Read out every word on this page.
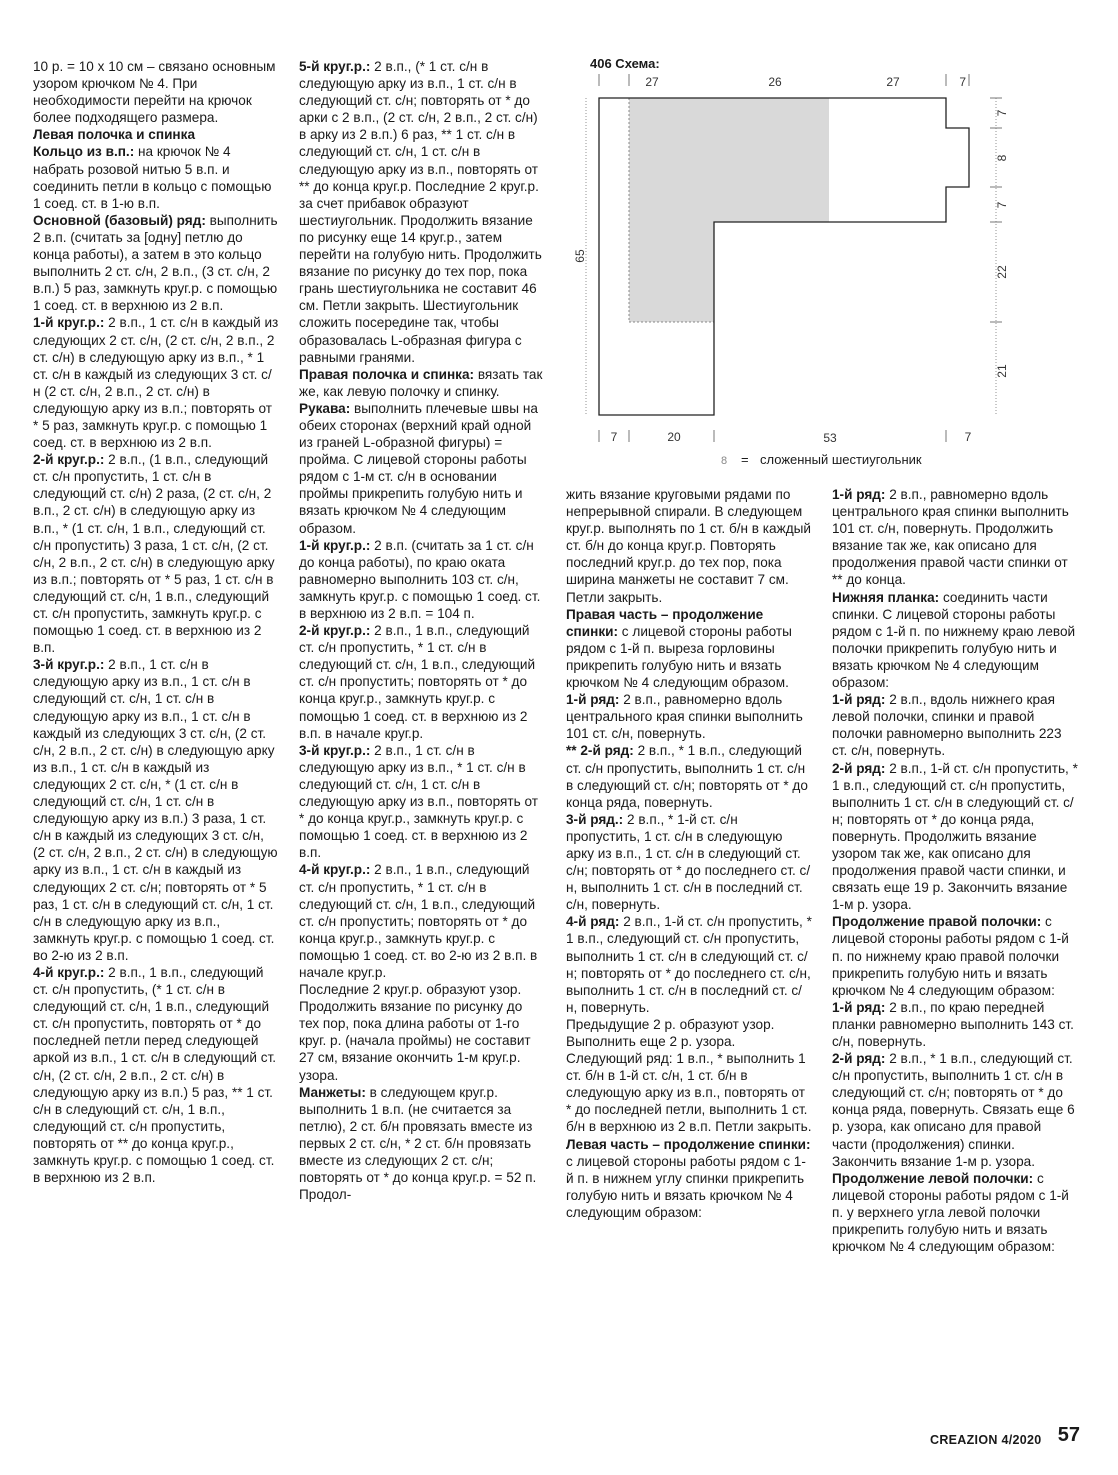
406 Схема:
27	26	27	7
65
7
8
7
22
21
7	20	53	7
8 = сложенный шестиугольник

10 р. = 10 х 10 см – связано основным узором крючком № 4. При необходимости перейти на крючок более подходящего размера.

Левая полочка и спинка

Кольцо из в.п.: на крючок № 4 набрать розовой нитью 5 в.п. и соединить петли в кольцо с помощью 1 соед. ст. в 1-ю в.п.

Основной (базовый) ряд: выполнить 2 в.п. (считать за [одну] петлю до конца работы), а затем в это кольцо выполнить 2 ст. с/н, 2 в.п., (3 ст. с/н, 2 в.п.) 5 раз, замкнуть круг.р. с помощью 1 соед. ст. в верхнюю из 2 в.п.

1-й круг.р.: 2 в.п., 1 ст. с/н в каждый из следующих 2 ст. с/н, (2 ст. с/н, 2 в.п., 2 ст. с/н) в следующую арку из в.п., * 1 ст. с/н в каждый из следующих 3 ст. с/н (2 ст. с/н, 2 в.п., 2 ст. с/н) в следующую арку из в.п.; повторять от * 5 раз, замкнуть круг.р. с помощью 1 соед. ст. в верхнюю из 2 в.п.

2-й круг.р.: 2 в.п., (1 в.п., следующий ст. с/н пропустить, 1 ст. с/н в следующий ст. с/н) 2 раза, (2 ст. с/н, 2 в.п., 2 ст. с/н) в следующую арку из в.п., * (1 ст. с/н, 1 в.п., следующий ст. с/н пропустить) 3 раза, 1 ст. с/н, (2 ст. с/н, 2 в.п., 2 ст. с/н) в следующую арку из в.п.; повторять от * 5 раз, 1 ст. с/н в следующий ст. с/н, 1 в.п., следующий ст. с/н пропустить, замкнуть круг.р. с помощью 1 соед. ст. в верхнюю из 2 в.п.

3-й круг.р.: 2 в.п., 1 ст. с/н в следующую арку из в.п., 1 ст. с/н в следующий ст. с/н, 1 ст. с/н в следующую арку из в.п., 1 ст. с/н в каждый из следующих 3 ст. с/н, (2 ст. с/н, 2 в.п., 2 ст. с/н) в следующую арку из в.п., 1 ст. с/н в каждый из следующих 2 ст. с/н, * (1 ст. с/н в следующий ст. с/н, 1 ст. с/н в следующую арку из в.п.) 3 раза, 1 ст. с/н в каждый из следующих 3 ст. с/н, (2 ст. с/н, 2 в.п., 2 ст. с/н) в следующую арку из в.п., 1 ст. с/н в каждый из следующих 2 ст. с/н; повторять от * 5 раз, 1 ст. с/н в следующий ст. с/н, 1 ст. с/н в следующую арку из в.п., замкнуть круг.р. с помощью 1 соед. ст. во 2-ю из 2 в.п.

4-й круг.р.: 2 в.п., 1 в.п., следующий ст. с/н пропустить, (* 1 ст. с/н в следующий ст. с/н, 1 в.п., следующий ст. с/н пропустить, повторять от * до последней петли перед следующей аркой из в.п., 1 ст. с/н в следующий ст. с/н, (2 ст. с/н, 2 в.п., 2 ст. с/н) в следующую арку из в.п.) 5 раз, ** 1 ст. с/н в следующий ст. с/н, 1 в.п., следующий ст. с/н пропустить, повторять от ** до конца круг.р., замкнуть круг.р. с помощью 1 соед. ст. в верхнюю из 2 в.п.

5-й круг.р.: 2 в.п., (* 1 ст. с/н в следующую арку из в.п., 1 ст. с/н в следующий ст. с/н; повторять от * до арки с 2 в.п., (2 ст. с/н, 2 в.п., 2 ст. с/н) в арку из 2 в.п.) 6 раз, ** 1 ст. с/н в следующий ст. с/н, 1 ст. с/н в следующую арку из в.п., повторять от ** до конца круг.р. Последние 2 круг.р. за счет прибавок образуют шестиугольник. Продолжить вязание по рисунку еще 14 круг.р., затем перейти на голубую нить. Продолжить вязание по рисунку до тех пор, пока грань шестиугольника не составит 46 см. Петли закрыть. Шестиугольник сложить посередине так, чтобы образовалась L-образная фигура с равными гранями.

Правая полочка и спинка: вязать так же, как левую полочку и спинку.

Рукава: выполнить плечевые швы на обеих сторонах (верхний край одной из граней L-образной фигуры) = пройма. С лицевой стороны работы рядом с 1-м ст. с/н в основании проймы прикрепить голубую нить и вязать крючком № 4 следующим образом.

1-й круг.р.: 2 в.п. (считать за 1 ст. с/н до конца работы), по краю оката равномерно выполнить 103 ст. с/н, замкнуть круг.р. с помощью 1 соед. ст. в верхнюю из 2 в.п. = 104 п.

2-й круг.р.: 2 в.п., 1 в.п., следующий ст. с/н пропустить, * 1 ст. с/н в следующий ст. с/н, 1 в.п., следующий ст. с/н пропустить; повторять от * до конца круг.р., замкнуть круг.р. с помощью 1 соед. ст. в верхнюю из 2 в.п. в начале круг.р.

3-й круг.р.: 2 в.п., 1 ст. с/н в следующую арку из в.п., * 1 ст. с/н в следующий ст. с/н, 1 ст. с/н в следующую арку из в.п., повторять от * до конца круг.р., замкнуть круг.р. с помощью 1 соед. ст. в верхнюю из 2 в.п.

4-й круг.р.: 2 в.п., 1 в.п., следующий ст. с/н пропустить, * 1 ст. с/н в следующий ст. с/н, 1 в.п., следующий ст. с/н пропустить; повторять от * до конца круг.р., замкнуть круг.р. с помощью 1 соед. ст. во 2-ю из 2 в.п. в начале круг.р.

Последние 2 круг.р. образуют узор. Продолжить вязание по рисунку до тех пор, пока длина работы от 1-го круг. р. (начала проймы) не составит 27 см, вязание окончить 1-м круг.р. узора.

Манжеты: в следующем круг.р. выполнить 1 в.п. (не считается за петлю), 2 ст. б/н провязать вместе из первых 2 ст. с/н, * 2 ст. б/н провязать вместе из следующих 2 ст. с/н; повторять от * до конца круг.р. = 52 п. Продол-

жить вязание круговыми рядами по непрерывной спирали. В следующем круг.р. выполнять по 1 ст. б/н в каждый ст. б/н до конца круг.р. Повторять последний круг.р. до тех пор, пока ширина манжеты не составит 7 см. Петли закрыть.

Правая часть – продолжение спинки: с лицевой стороны работы рядом с 1-й п. выреза горловины прикрепить голубую нить и вязать крючком № 4 следующим образом.

1-й ряд: 2 в.п., равномерно вдоль центрального края спинки выполнить 101 ст. с/н, повернуть.

** 2-й ряд: 2 в.п., * 1 в.п., следующий ст. с/н пропустить, выполнить 1 ст. с/н в следующий ст. с/н; повторять от * до конца ряда, повернуть.

3-й ряд.: 2 в.п., * 1-й ст. с/н пропустить, 1 ст. с/н в следующую арку из в.п., 1 ст. с/н в следующий ст. с/н; повторять от * до последнего ст. с/н, выполнить 1 ст. с/н в последний ст. с/н, повернуть.

4-й ряд: 2 в.п., 1-й ст. с/н пропустить, * 1 в.п., следующий ст. с/н пропустить, выполнить 1 ст. с/н в следующий ст. с/н; повторять от * до последнего ст. с/н, выполнить 1 ст. с/н в последний ст. с/н, повернуть.

Предыдущие 2 р. образуют узор. Выполнить еще 2 р. узора. Следующий ряд: 1 в.п., * выполнить 1 ст. б/н в 1-й ст. с/н, 1 ст. б/н в следующую арку из в.п., повторять от * до последней петли, выполнить 1 ст. б/н в верхнюю из 2 в.п. Петли закрыть.

Левая часть – продолжение спинки: с лицевой стороны работы рядом с 1-й п. в нижнем углу спинки прикрепить голубую нить и вязать крючком № 4 следующим образом:

1-й ряд: 2 в.п., равномерно вдоль центрального края спинки выполнить 101 ст. с/н, повернуть. Продолжить вязание так же, как описано для продолжения правой части спинки от ** до конца.

Нижняя планка: соединить части спинки. С лицевой стороны работы рядом с 1-й п. по нижнему краю левой полочки прикрепить голубую нить и вязать крючком № 4 следующим образом:

1-й ряд: 2 в.п., вдоль нижнего края левой полочки, спинки и правой полочки равномерно выполнить 223 ст. с/н, повернуть.

2-й ряд: 2 в.п., 1-й ст. с/н пропустить, * 1 в.п., следующий ст. с/н пропустить, выполнить 1 ст. с/н в следующий ст. с/н; повторять от * до конца ряда, повернуть. Продолжить вязание узором так же, как описано для продолжения правой части спинки, и связать еще 19 р. Закончить вязание 1-м р. узора.

Продолжение правой полочки: с лицевой стороны работы рядом с 1-й п. по нижнему краю правой полочки прикрепить голубую нить и вязать крючком № 4 следующим образом:

1-й ряд: 2 в.п., по краю передней планки равномерно выполнить 143 ст. с/н, повернуть.

2-й ряд: 2 в.п., * 1 в.п., следующий ст. с/н пропустить, выполнить 1 ст. с/н в следующий ст. с/н; повторять от * до конца ряда, повернуть. Связать еще 6 р. узора, как описано для правой части (продолжения) спинки. Закончить вязание 1-м р. узора.

Продолжение левой полочки: с лицевой стороны работы рядом с 1-й п. у верхнего угла левой полочки прикрепить голубую нить и вязать крючком № 4 следующим образом:

CREAZION 4/2020 57
